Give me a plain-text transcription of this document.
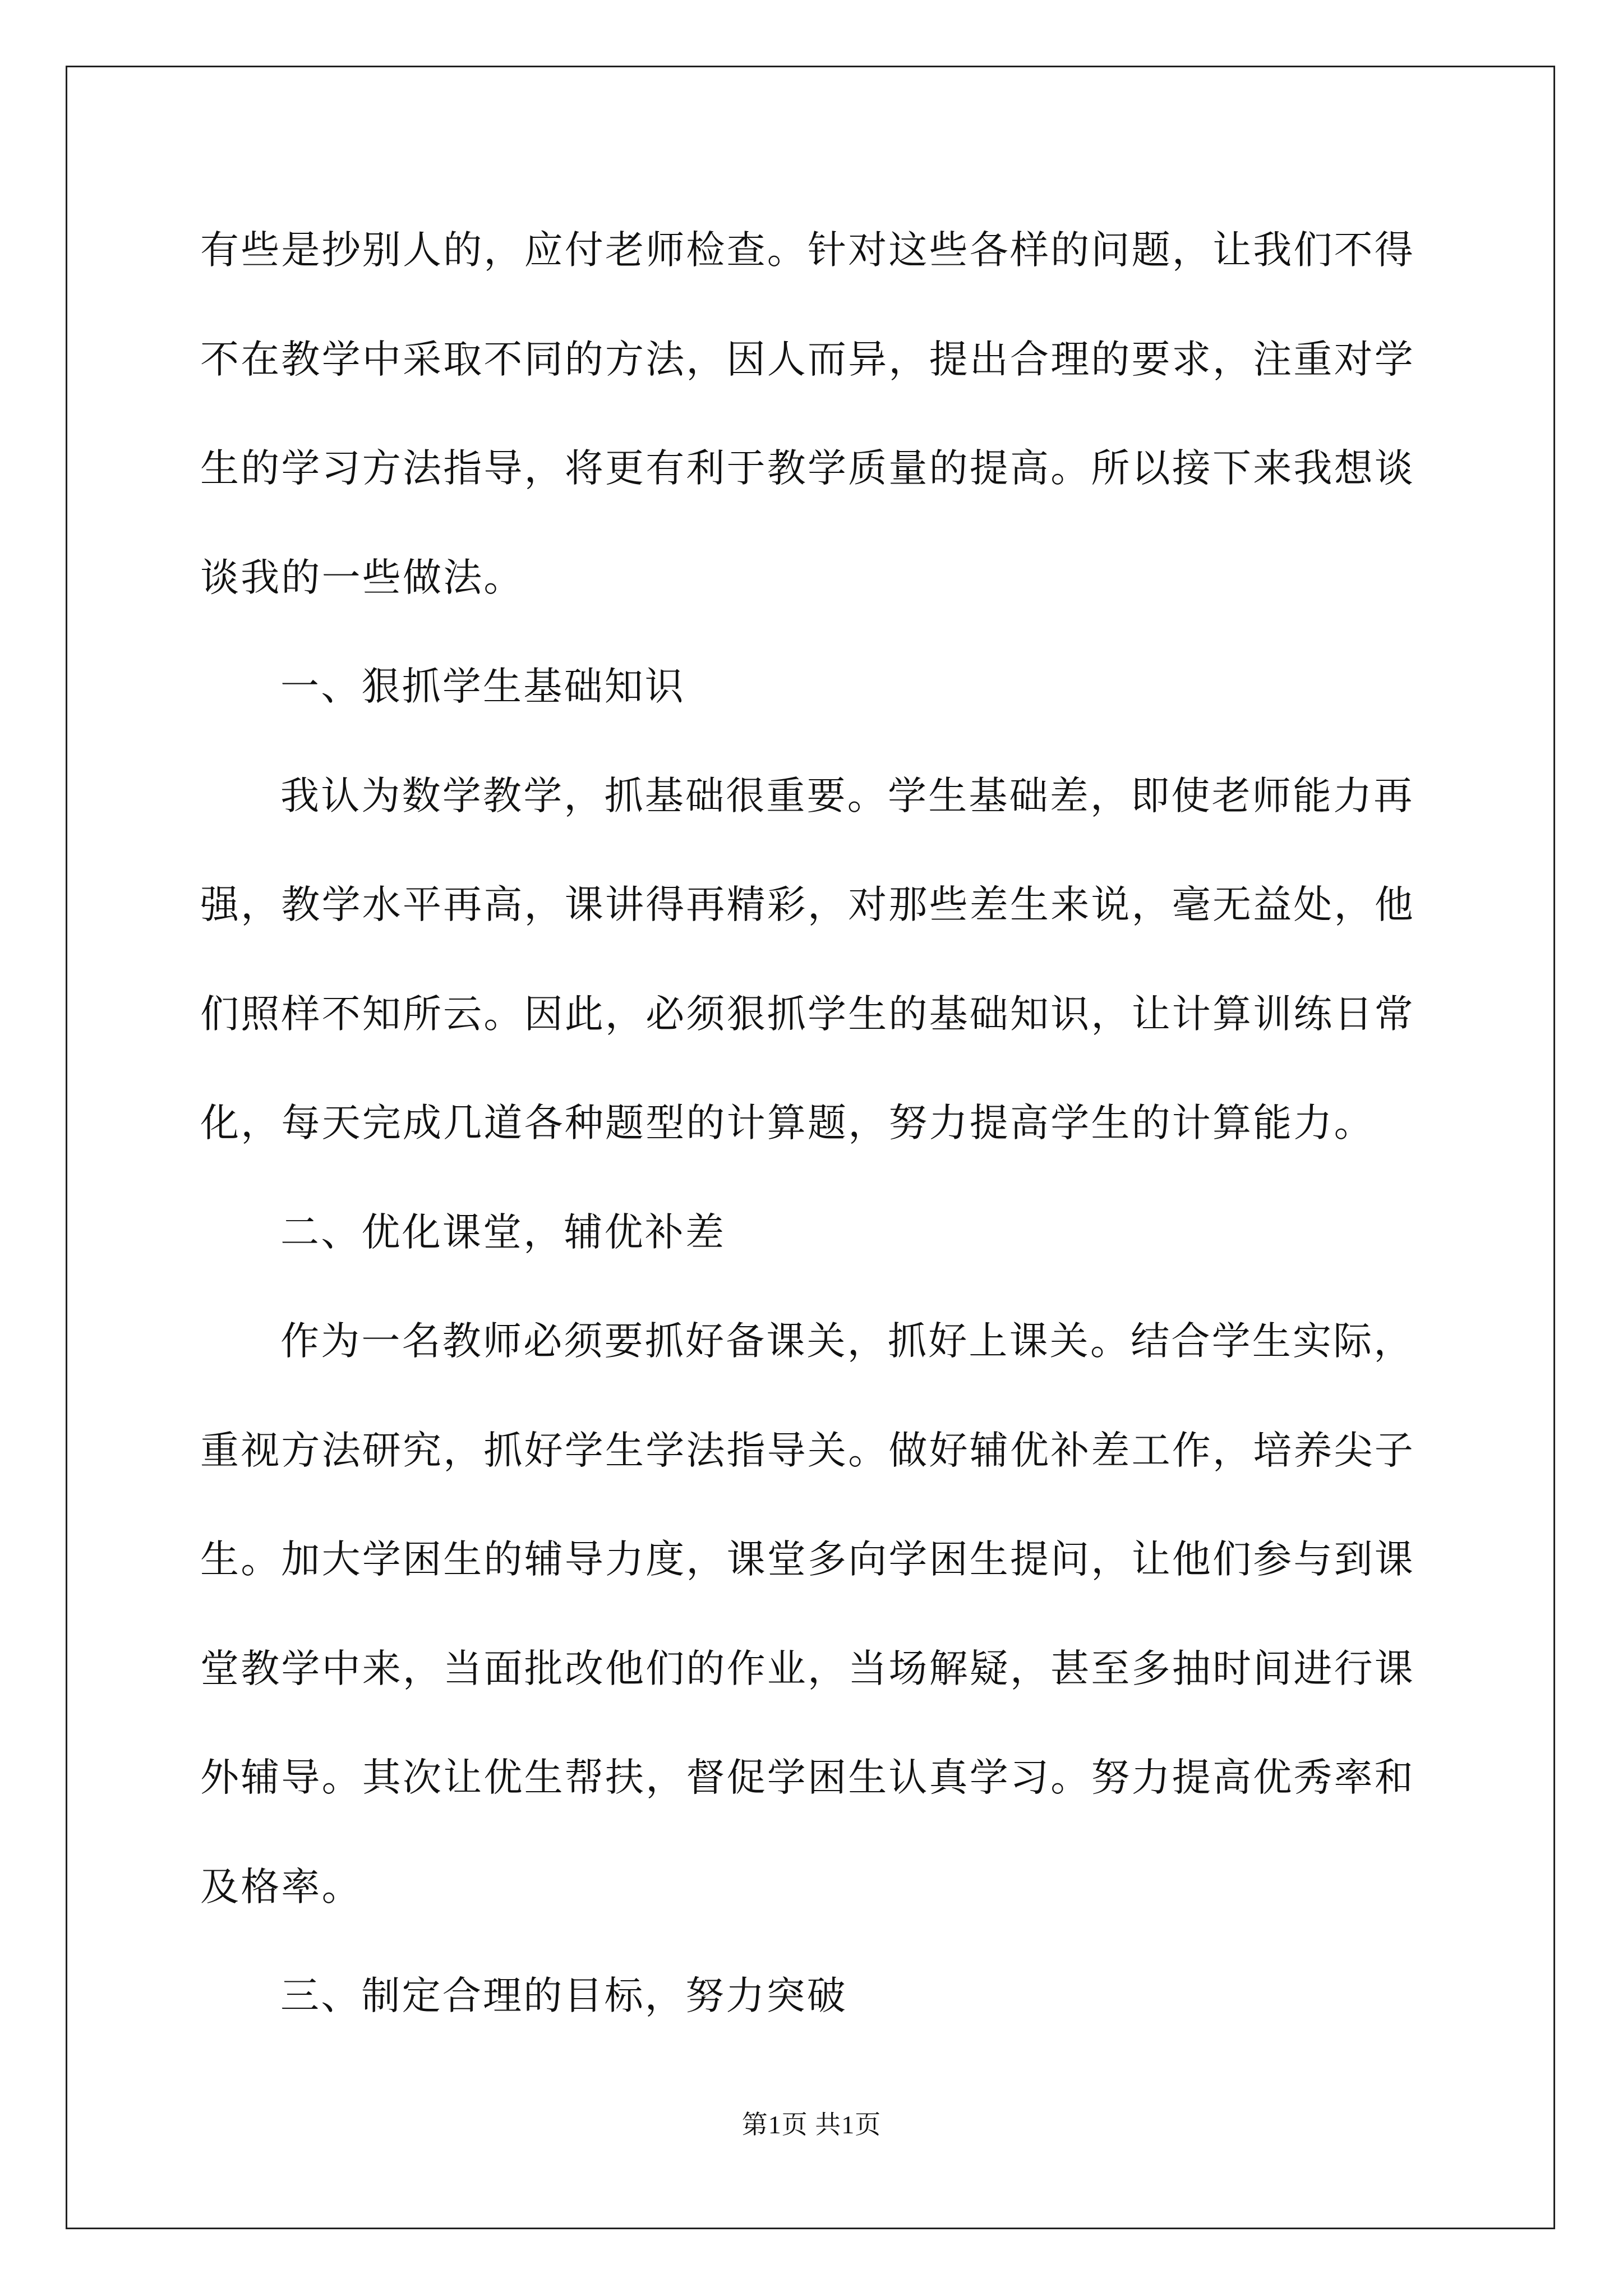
有些是抄别人的，应付老师检查。针对这些各样的问题，让我们不得
不在教学中采取不同的方法，因人而异，提出合理的要求，注重对学
生的学习方法指导，将更有利于教学质量的提高。所以接下来我想谈
谈我的一些做法。
一、狠抓学生基础知识
我认为数学教学，抓基础很重要。学生基础差，即使老师能力再
强，教学水平再高，课讲得再精彩，对那些差生来说，毫无益处，他
们照样不知所云。因此，必须狠抓学生的基础知识，让计算训练日常
化，每天完成几道各种题型的计算题，努力提高学生的计算能力。
二、优化课堂，辅优补差
作为一名教师必须要抓好备课关，抓好上课关。结合学生实际，
重视方法研究，抓好学生学法指导关。做好辅优补差工作，培养尖子
生。加大学困生的辅导力度，课堂多向学困生提问，让他们参与到课
堂教学中来，当面批改他们的作业，当场解疑，甚至多抽时间进行课
外辅导。其次让优生帮扶，督促学困生认真学习。努力提高优秀率和
及格率。
三、制定合理的目标，努力突破
第1页 共1页
